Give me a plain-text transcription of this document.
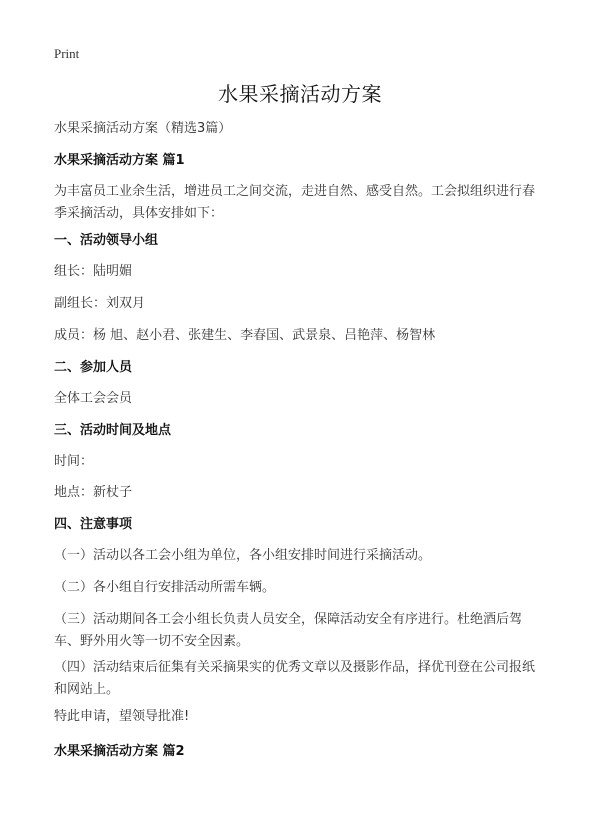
Print
水果采摘活动方案
水果采摘活动方案（精选3篇）
水果采摘活动方案 篇1
为丰富员工业余生活，增进员工之间交流，走进自然、感受自然。工会拟组织进行春季采摘活动，具体安排如下：
一、活动领导小组
组长：陆明媚
副组长：刘双月
成员：杨 旭、赵小君、张建生、李春国、武景泉、吕艳萍、杨智林
二、参加人员
全体工会会员
三、活动时间及地点
时间：
地点：新杖子
四、注意事项
（一）活动以各工会小组为单位，各小组安排时间进行采摘活动。
（二）各小组自行安排活动所需车辆。
（三）活动期间各工会小组长负责人员安全，保障活动安全有序进行。杜绝酒后驾车、野外用火等一切不安全因素。
（四）活动结束后征集有关采摘果实的优秀文章以及摄影作品，择优刊登在公司报纸和网站上。
特此申请，望领导批准!
水果采摘活动方案 篇2
